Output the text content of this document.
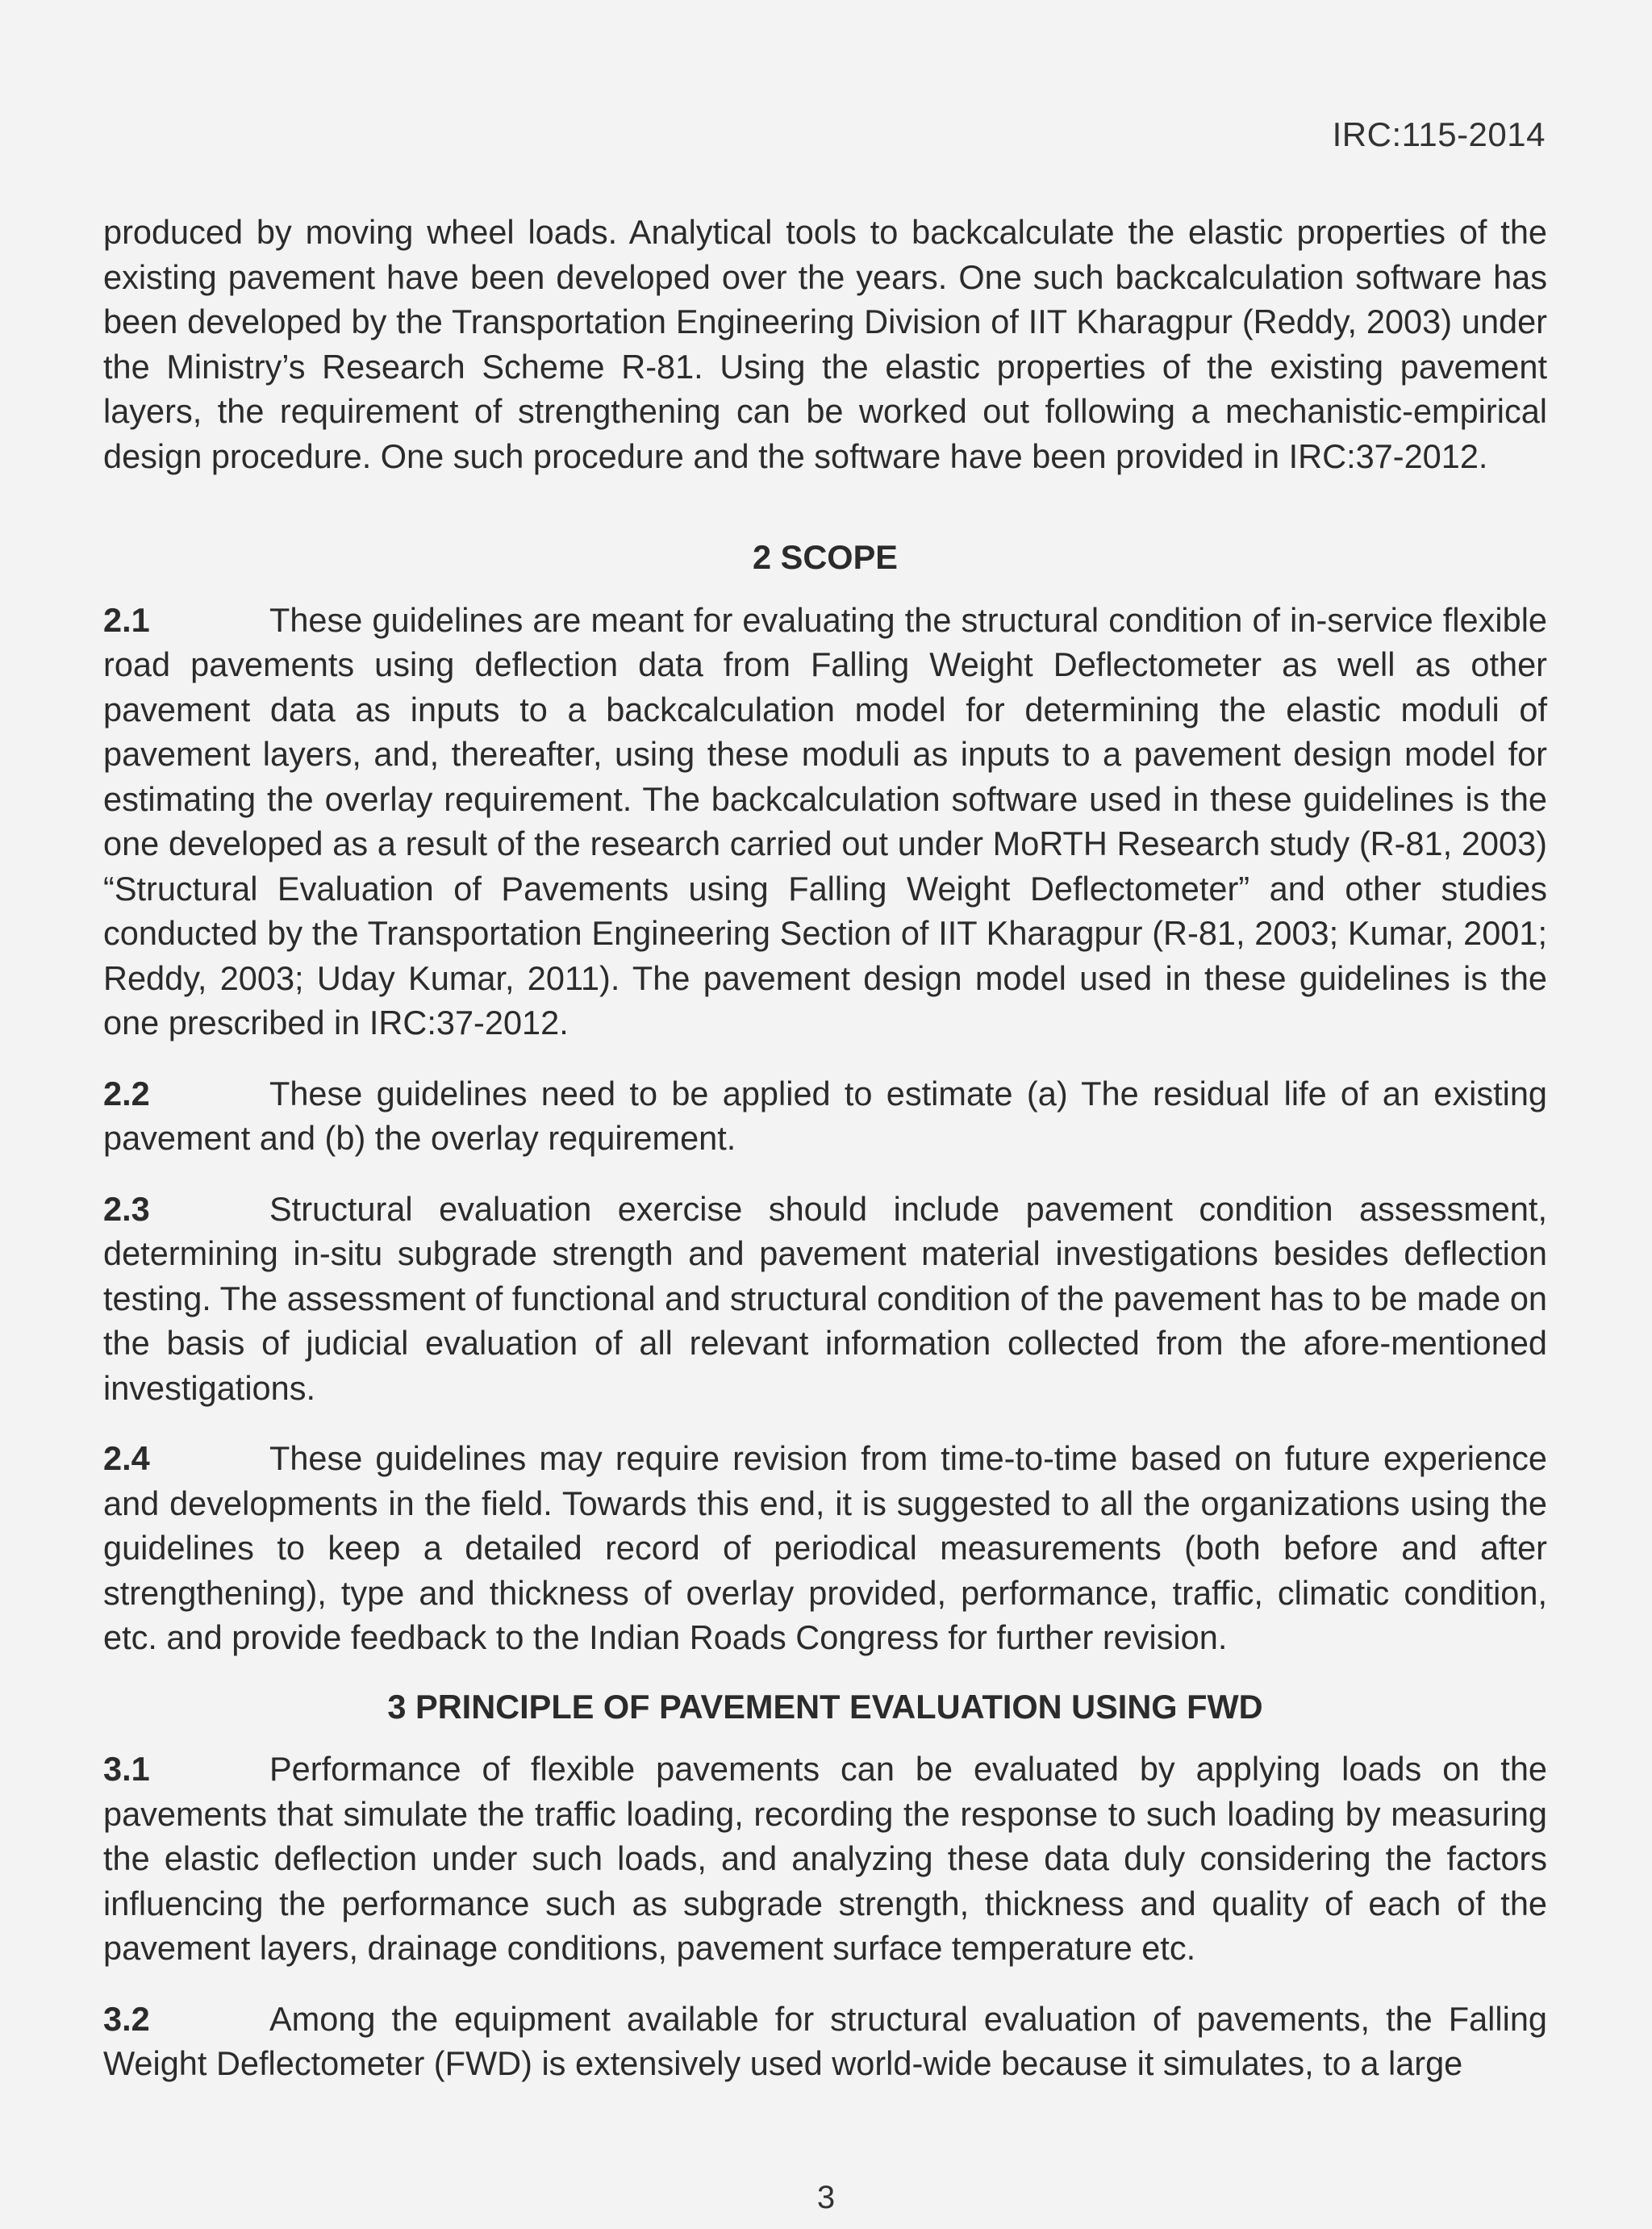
IRC:115-2014

produced by moving wheel loads. Analytical tools to backcalculate the elastic properties of the existing pavement have been developed over the years. One such backcalculation software has been developed by the Transportation Engineering Division of IIT Kharagpur (Reddy, 2003) under the Ministry’s Research Scheme R-81. Using the elastic properties of the existing pavement layers, the requirement of strengthening can be worked out following a mechanistic-empirical design procedure. One such procedure and the software have been provided in IRC:37-2012.

2 SCOPE

2.1	These guidelines are meant for evaluating the structural condition of in-service flexible road pavements using deflection data from Falling Weight Deflectometer as well as other pavement data as inputs to a backcalculation model for determining the elastic moduli of pavement layers, and, thereafter, using these moduli as inputs to a pavement design model for estimating the overlay requirement. The backcalculation software used in these guidelines is the one developed as a result of the research carried out under MoRTH Research study (R-81, 2003) “Structural Evaluation of Pavements using Falling Weight Deflectometer” and other studies conducted by the Transportation Engineering Section of IIT Kharagpur (R-81, 2003; Kumar, 2001; Reddy, 2003; Uday Kumar, 2011). The pavement design model used in these guidelines is the one prescribed in IRC:37-2012.

2.2	These guidelines need to be applied to estimate (a) The residual life of an existing pavement and (b) the overlay requirement.

2.3	Structural evaluation exercise should include pavement condition assessment, determining in-situ subgrade strength and pavement material investigations besides deflection testing. The assessment of functional and structural condition of the pavement has to be made on the basis of judicial evaluation of all relevant information collected from the afore-mentioned investigations.

2.4	These guidelines may require revision from time-to-time based on future experience and developments in the field. Towards this end, it is suggested to all the organizations using the guidelines to keep a detailed record of periodical measurements (both before and after strengthening), type and thickness of overlay provided, performance, traffic, climatic condition, etc. and provide feedback to the Indian Roads Congress for further revision.

3 PRINCIPLE OF PAVEMENT EVALUATION USING FWD

3.1	Performance of flexible pavements can be evaluated by applying loads on the pavements that simulate the traffic loading, recording the response to such loading by measuring the elastic deflection under such loads, and analyzing these data duly considering the factors influencing the performance such as subgrade strength, thickness and quality of each of the pavement layers, drainage conditions, pavement surface temperature etc.

3.2	Among the equipment available for structural evaluation of pavements, the Falling Weight Deflectometer (FWD) is extensively used world-wide because it simulates, to a large

3
